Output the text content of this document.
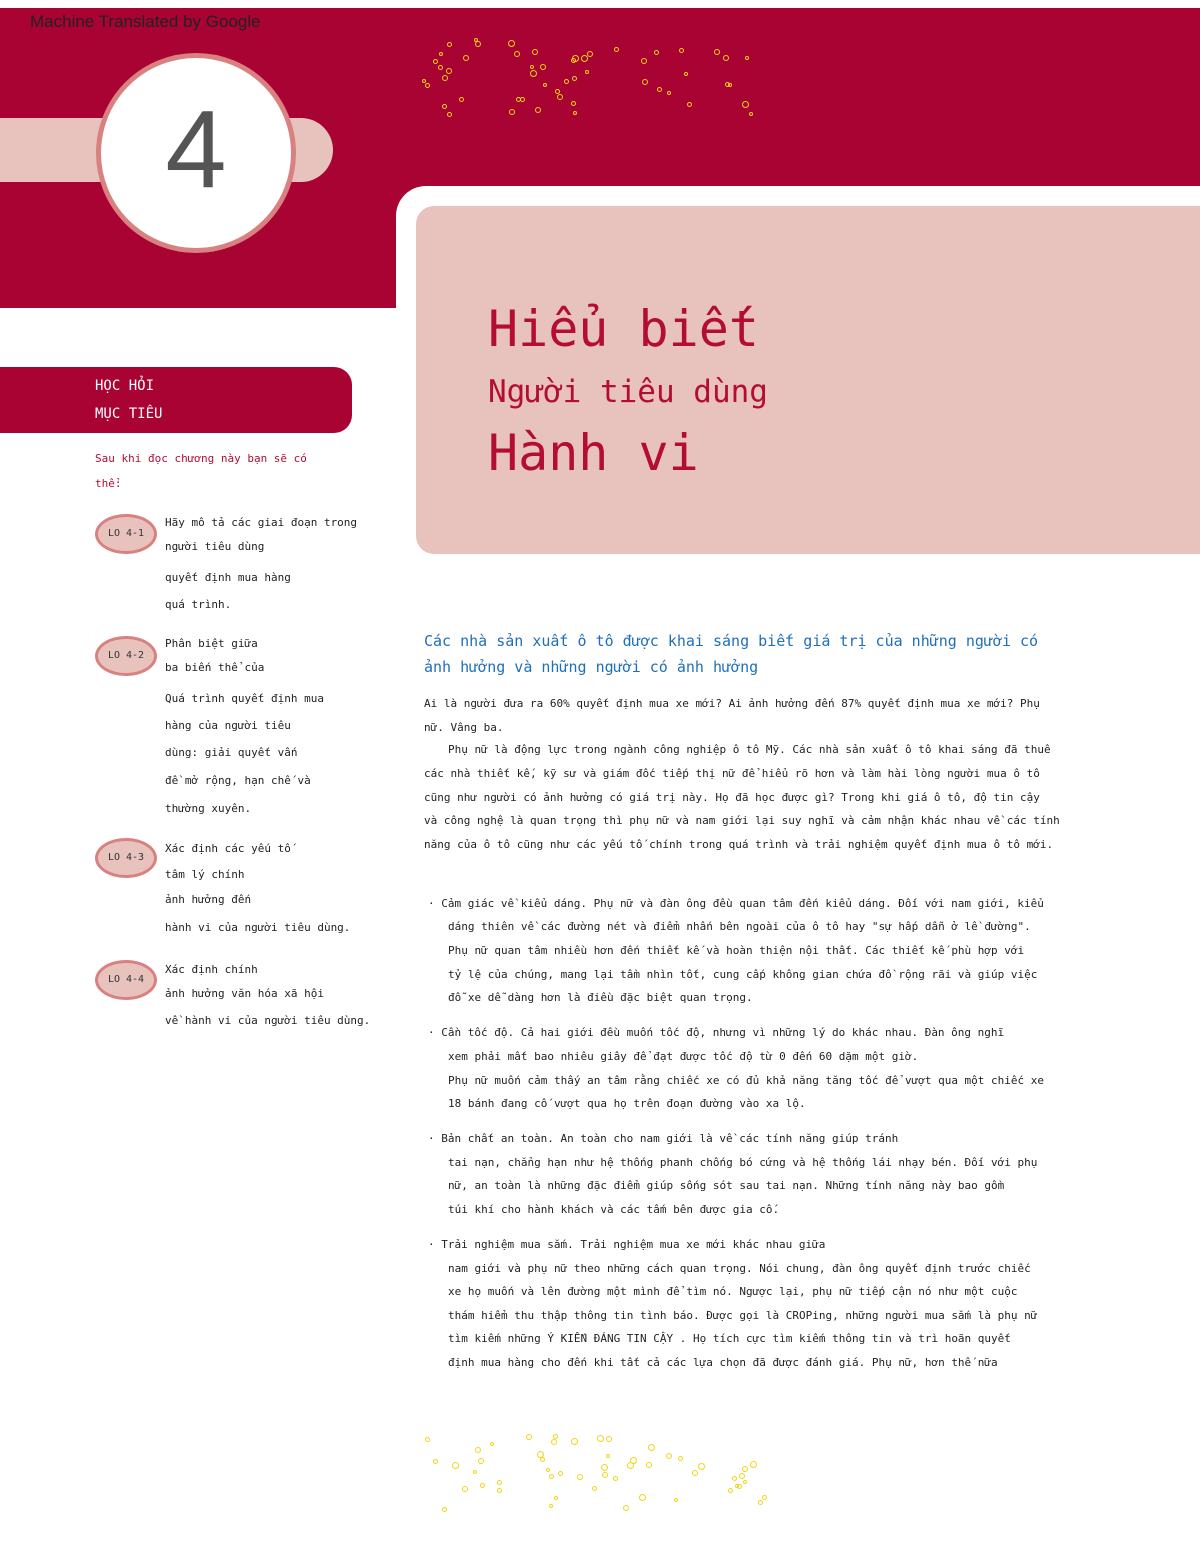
4
Machine Translated by Google
Hiểu biết
Người tiêu dùng
Hành vi
HỌC HỎI
MỤC TIÊU
Sau khi đọc chương này bạn sẽ có
thể:
LO 4-1
Hãy mô tả các giai đoạn trong
người tiêu dùng
quyết định mua hàng
quá trình.
LO 4-2
Phân biệt giữa
ba biến thể của
Quá trình quyết định mua
hàng của người tiêu
dùng: giải quyết vấn
đề mở rộng, hạn chế và
thường xuyên.
LO 4-3
Xác định các yếu tố
tâm lý chính
ảnh hưởng đến
hành vi của người tiêu dùng.
LO 4-4
Xác định chính
ảnh hưởng văn hóa xã hội
về hành vi của người tiêu dùng.
Các nhà sản xuất ô tô được khai sáng biết giá trị của những người có
ảnh hưởng và những người có ảnh hưởng
Ai là người đưa ra 60% quyết định mua xe mới? Ai ảnh hưởng đến 87% quyết định mua xe mới? Phụ
nữ. Vâng ba.
Phụ nữ là động lực trong ngành công nghiệp ô tô Mỹ. Các nhà sản xuất ô tô khai sáng đã thuê
các nhà thiết kế, kỹ sư và giám đốc tiếp thị nữ để hiểu rõ hơn và làm hài lòng người mua ô tô
cũng như người có ảnh hưởng có giá trị này. Họ đã học được gì? Trong khi giá ô tô, độ tin cậy
và công nghệ là quan trọng thì phụ nữ và nam giới lại suy nghĩ và cảm nhận khác nhau về các tính
năng của ô tô cũng như các yếu tố chính trong quá trình và trải nghiệm quyết định mua ô tô mới.
· Cảm giác về kiểu dáng. Phụ nữ và đàn ông đều quan tâm đến kiểu dáng. Đối với nam giới, kiểu
dáng thiên về các đường nét và điểm nhấn bên ngoài của ô tô hay "sự hấp dẫn ở lề đường".
Phụ nữ quan tâm nhiều hơn đến thiết kế và hoàn thiện nội thất. Các thiết kế phù hợp với
tỷ lệ của chúng, mang lại tầm nhìn tốt, cung cấp không gian chứa đồ rộng rãi và giúp việc
đỗ xe dễ dàng hơn là điều đặc biệt quan trọng.
· Cần tốc độ. Cả hai giới đều muốn tốc độ, nhưng vì những lý do khác nhau. Đàn ông nghĩ
xem phải mất bao nhiêu giây để đạt được tốc độ từ 0 đến 60 dặm một giờ.
Phụ nữ muốn cảm thấy an tâm rằng chiếc xe có đủ khả năng tăng tốc để vượt qua một chiếc xe
18 bánh đang cố vượt qua họ trên đoạn đường vào xa lộ.
· Bản chất an toàn. An toàn cho nam giới là về các tính năng giúp tránh
tai nạn, chẳng hạn như hệ thống phanh chống bó cứng và hệ thống lái nhạy bén. Đối với phụ
nữ, an toàn là những đặc điểm giúp sống sót sau tai nạn. Những tính năng này bao gồm
túi khí cho hành khách và các tấm bên được gia cố.
· Trải nghiệm mua sắm. Trải nghiệm mua xe mới khác nhau giữa
nam giới và phụ nữ theo những cách quan trọng. Nói chung, đàn ông quyết định trước chiếc
xe họ muốn và lên đường một mình để tìm nó. Ngược lại, phụ nữ tiếp cận nó như một cuộc
thám hiểm thu thập thông tin tình báo. Được gọi là CROPing, những người mua sắm là phụ nữ
tìm kiếm những Ý KIẾN ĐÁNG TIN CẬY . Họ tích cực tìm kiếm thông tin và trì hoãn quyết
định mua hàng cho đến khi tất cả các lựa chọn đã được đánh giá. Phụ nữ, hơn thế nữa
